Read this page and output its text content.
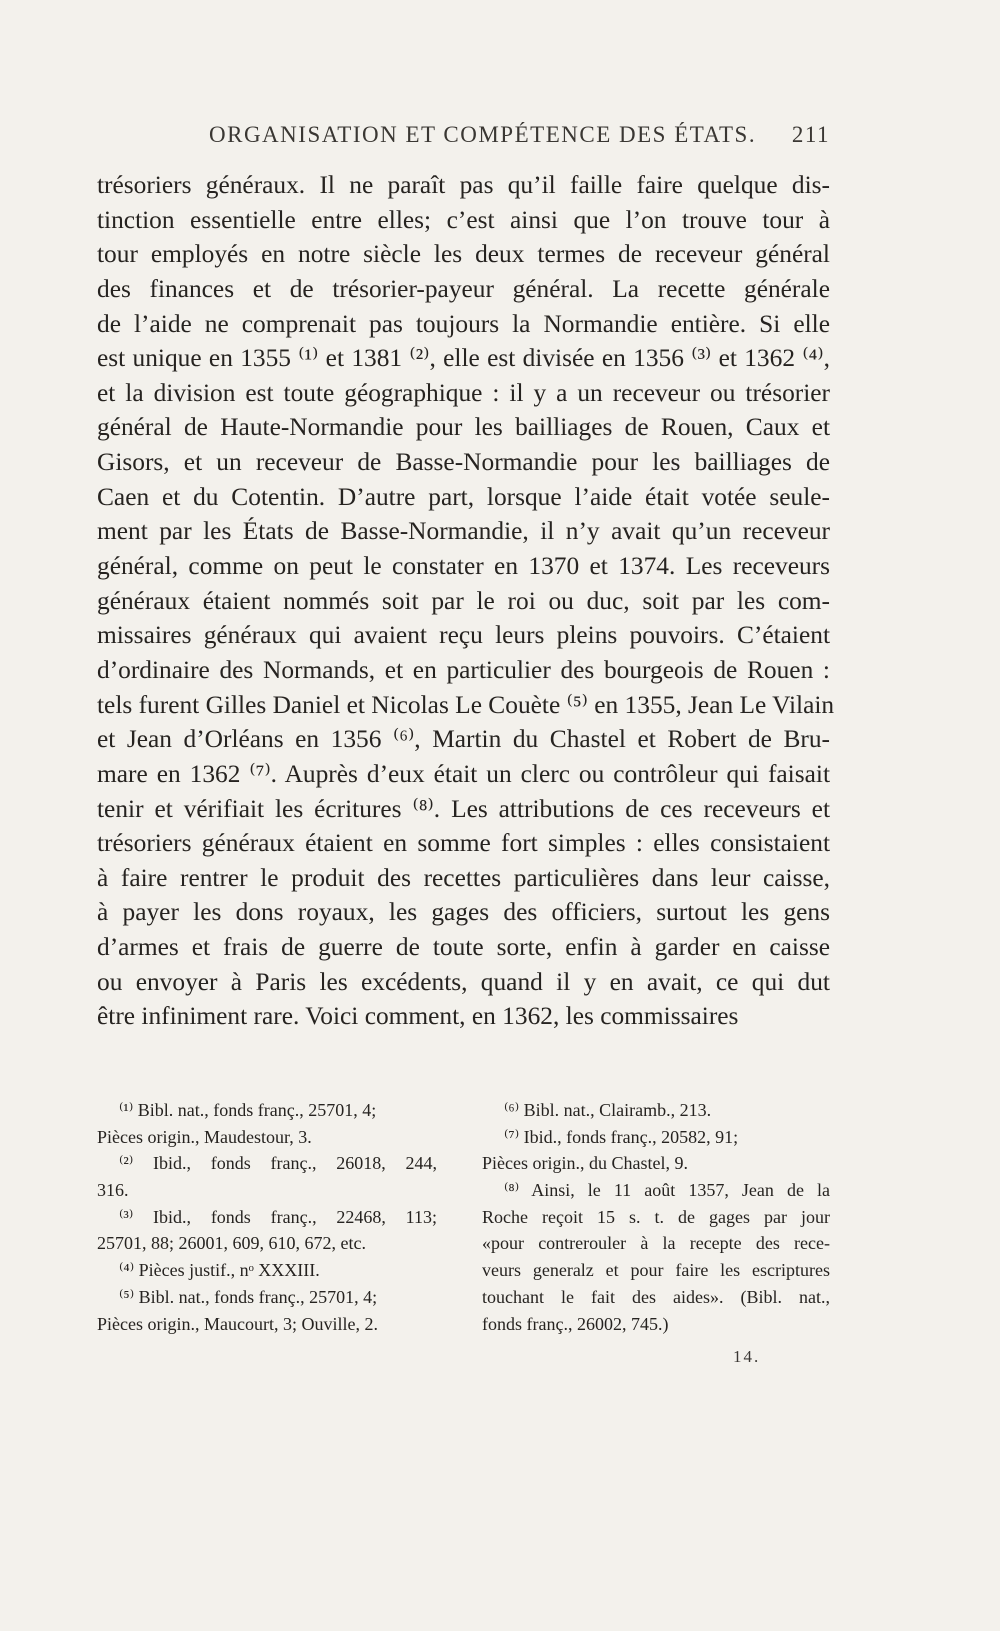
ORGANISATION ET COMPÉTENCE DES ÉTATS. 211
trésoriers généraux. Il ne paraît pas qu’il faille faire quelque dis-
tinction essentielle entre elles; c’est ainsi que l’on trouve tour à
tour employés en notre siècle les deux termes de receveur général
des finances et de trésorier-payeur général. La recette générale
de l’aide ne comprenait pas toujours la Normandie entière. Si elle
est unique en 1355 ⁽¹⁾ et 1381 ⁽²⁾, elle est divisée en 1356 ⁽³⁾ et 1362 ⁽⁴⁾,
et la division est toute géographique : il y a un receveur ou trésorier
général de Haute-Normandie pour les bailliages de Rouen, Caux et
Gisors, et un receveur de Basse-Normandie pour les bailliages de
Caen et du Cotentin. D’autre part, lorsque l’aide était votée seule-
ment par les États de Basse-Normandie, il n’y avait qu’un receveur
général, comme on peut le constater en 1370 et 1374. Les receveurs
généraux étaient nommés soit par le roi ou duc, soit par les com-
missaires généraux qui avaient reçu leurs pleins pouvoirs. C’étaient
d’ordinaire des Normands, et en particulier des bourgeois de Rouen :
tels furent Gilles Daniel et Nicolas Le Couète ⁽⁵⁾ en 1355, Jean Le Vilain
et Jean d’Orléans en 1356 ⁽⁶⁾, Martin du Chastel et Robert de Bru-
mare en 1362 ⁽⁷⁾. Auprès d’eux était un clerc ou contrôleur qui faisait
tenir et vérifiait les écritures ⁽⁸⁾. Les attributions de ces receveurs et
trésoriers généraux étaient en somme fort simples : elles consistaient
à faire rentrer le produit des recettes particulières dans leur caisse,
à payer les dons royaux, les gages des officiers, surtout les gens
d’armes et frais de guerre de toute sorte, enfin à garder en caisse
ou envoyer à Paris les excédents, quand il y en avait, ce qui dut
être infiniment rare. Voici comment, en 1362, les commissaires
⁽¹⁾ Bibl. nat., fonds franç., 25701, 4;
Pièces origin., Maudestour, 3.
⁽²⁾ Ibid., fonds franç., 26018, 244,
316.
⁽³⁾ Ibid., fonds franç., 22468, 113;
25701, 88; 26001, 609, 610, 672, etc.
⁽⁴⁾ Pièces justif., nᵒ XXXIII.
⁽⁵⁾ Bibl. nat., fonds franç., 25701, 4;
Pièces origin., Maucourt, 3; Ouville, 2.
⁽⁶⁾ Bibl. nat., Clairamb., 213.
⁽⁷⁾ Ibid., fonds franç., 20582, 91;
Pièces origin., du Chastel, 9.
⁽⁸⁾ Ainsi, le 11 août 1357, Jean de la
Roche reçoit 15 s. t. de gages par jour
«pour contrerouler à la recepte des rece-
veurs generalz et pour faire les escriptures
touchant le fait des aides». (Bibl. nat.,
fonds franç., 26002, 745.)
14.
